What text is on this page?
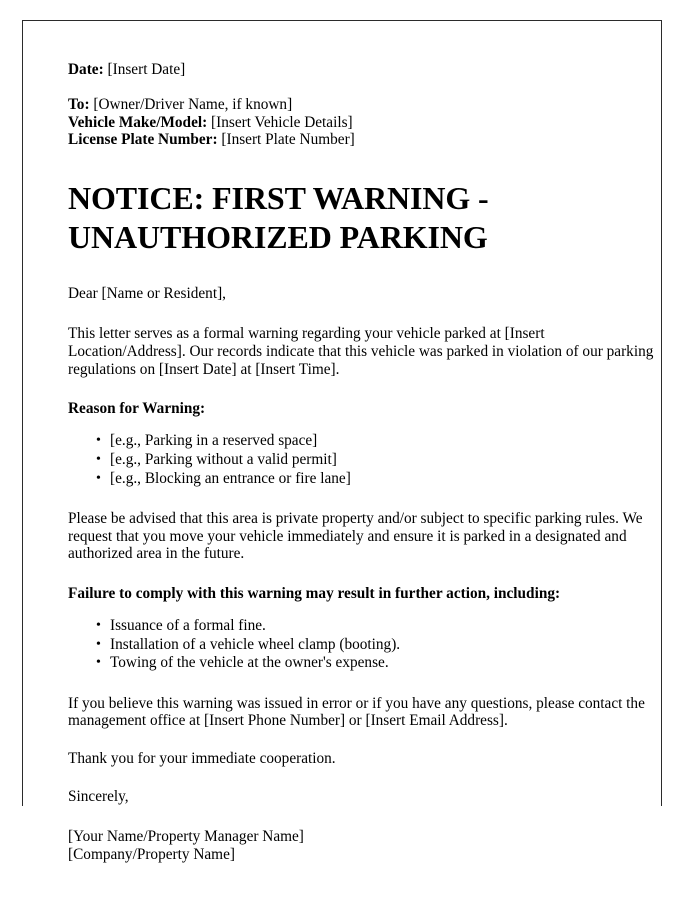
Date: [Insert Date]
To: [Owner/Driver Name, if known]
Vehicle Make/Model: [Insert Vehicle Details]
License Plate Number: [Insert Plate Number]
NOTICE: FIRST WARNING - UNAUTHORIZED PARKING

Dear [Name or Resident],

This letter serves as a formal warning regarding your vehicle parked at [Insert Location/Address]. Our records indicate that this vehicle was parked in violation of our parking regulations on [Insert Date] at [Insert Time].

Reason for Warning:

• [e.g., Parking in a reserved space]
• [e.g., Parking without a valid permit]
• [e.g., Blocking an entrance or fire lane]

Please be advised that this area is private property and/or subject to specific parking rules. We request that you move your vehicle immediately and ensure it is parked in a designated and authorized area in the future.

Failure to comply with this warning may result in further action, including:

• Issuance of a formal fine.
• Installation of a vehicle wheel clamp (booting).
• Towing of the vehicle at the owner's expense.

If you believe this warning was issued in error or if you have any questions, please contact the management office at [Insert Phone Number] or [Insert Email Address].

Thank you for your immediate cooperation.

Sincerely,

[Your Name/Property Manager Name]
[Company/Property Name]
